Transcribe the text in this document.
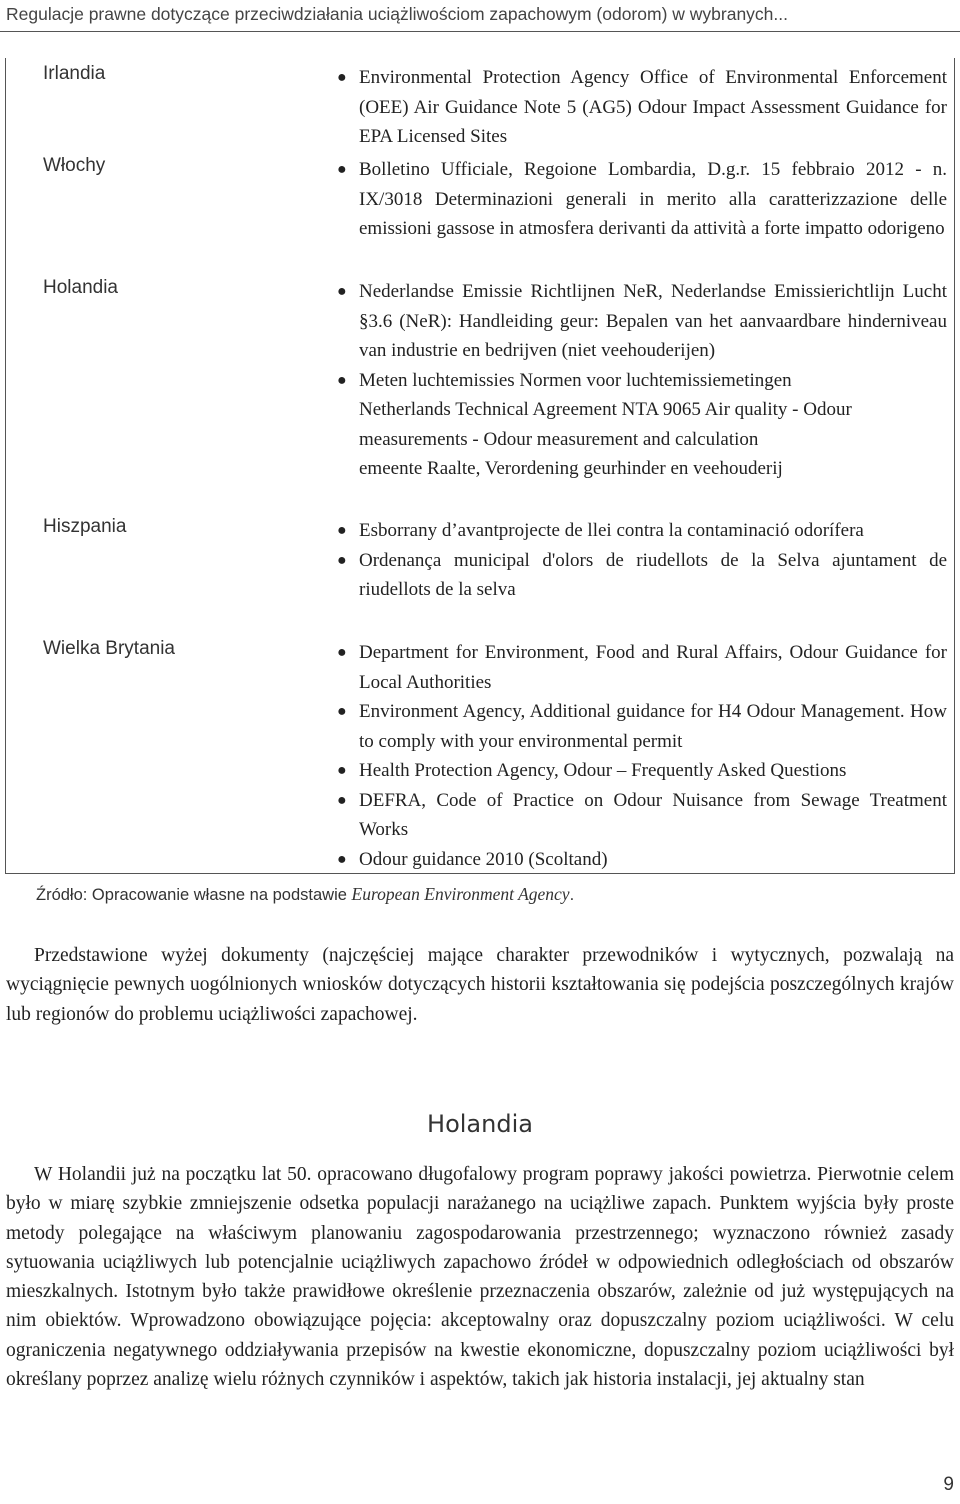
Regulacje prawne dotyczące przeciwdziałania uciążliwościom zapachowym (odorom) w wybranych...
Irlandia	● Environmental Protection Agency Office of Environmental Enforcement (OEE) Air Guidance Note 5 (AG5) Odour Impact Assessment Guidance for EPA Licensed Sites
Włochy	● Bolletino Ufficiale, Regoione Lombardia, D.g.r. 15 febbraio 2012 - n. IX/3018 Determinazioni generali in merito alla caratterizzazione delle emissioni gassose in atmosfera derivanti da attività a forte impatto odorigeno
Holandia	● Nederlandse Emissie Richtlijnen NeR, Nederlandse Emissierichtlijn Lucht §3.6 (NeR): Handleiding geur: Bepalen van het aanvaardbare hinderniveau van industrie en bedrijven (niet veehouderijen)
● Meten luchtemissies Normen voor luchtemissiemetingen
Netherlands Technical Agreement NTA 9065 Air quality - Odour measurements - Odour measurement and calculation
emeente Raalte, Verordening geurhinder en veehouderij
Hiszpania	● Esborrany d’avantprojecte de llei contra la contaminació odorífera
● Ordenança municipal d'olors de riudellots de la Selva ajuntament de riudellots de la selva
Wielka Brytania	● Department for Environment, Food and Rural Affairs, Odour Guidance for Local Authorities
● Environment Agency, Additional guidance for H4 Odour Management. How to comply with your environmental permit
● Health Protection Agency, Odour – Frequently Asked Questions
● DEFRA, Code of Practice on Odour Nuisance from Sewage Treatment Works
● Odour guidance 2010 (Scoltand)
Źródło: Opracowanie własne na podstawie European Environment Agency.
Przedstawione wyżej dokumenty (najczęściej mające charakter przewodników i wytycznych, pozwalają na wyciągnięcie pewnych uogólnionych wniosków dotyczących historii kształtowania się podejścia poszczególnych krajów lub regionów do problemu uciążliwości zapachowej.
Holandia
W Holandii już na początku lat 50. opracowano długofalowy program poprawy jakości powietrza. Pierwotnie celem było w miarę szybkie zmniejszenie odsetka populacji narażanego na uciążliwe zapach. Punktem wyjścia były proste metody polegające na właściwym planowaniu zagospodarowania przestrzennego; wyznaczono również zasady sytuowania uciążliwych lub potencjalnie uciążliwych zapachowo źródeł w odpowiednich odległościach od obszarów mieszkalnych. Istotnym było także prawidłowe określenie przeznaczenia obszarów, zależnie od już występujących na nim obiektów. Wprowadzono obowiązujące pojęcia: akceptowalny oraz dopuszczalny poziom uciążliwości. W celu ograniczenia negatywnego oddziaływania przepisów na kwestie ekonomiczne, dopuszczalny poziom uciążliwości był określany poprzez analizę wielu różnych czynników i aspektów, takich jak historia instalacji, jej aktualny stan
9
